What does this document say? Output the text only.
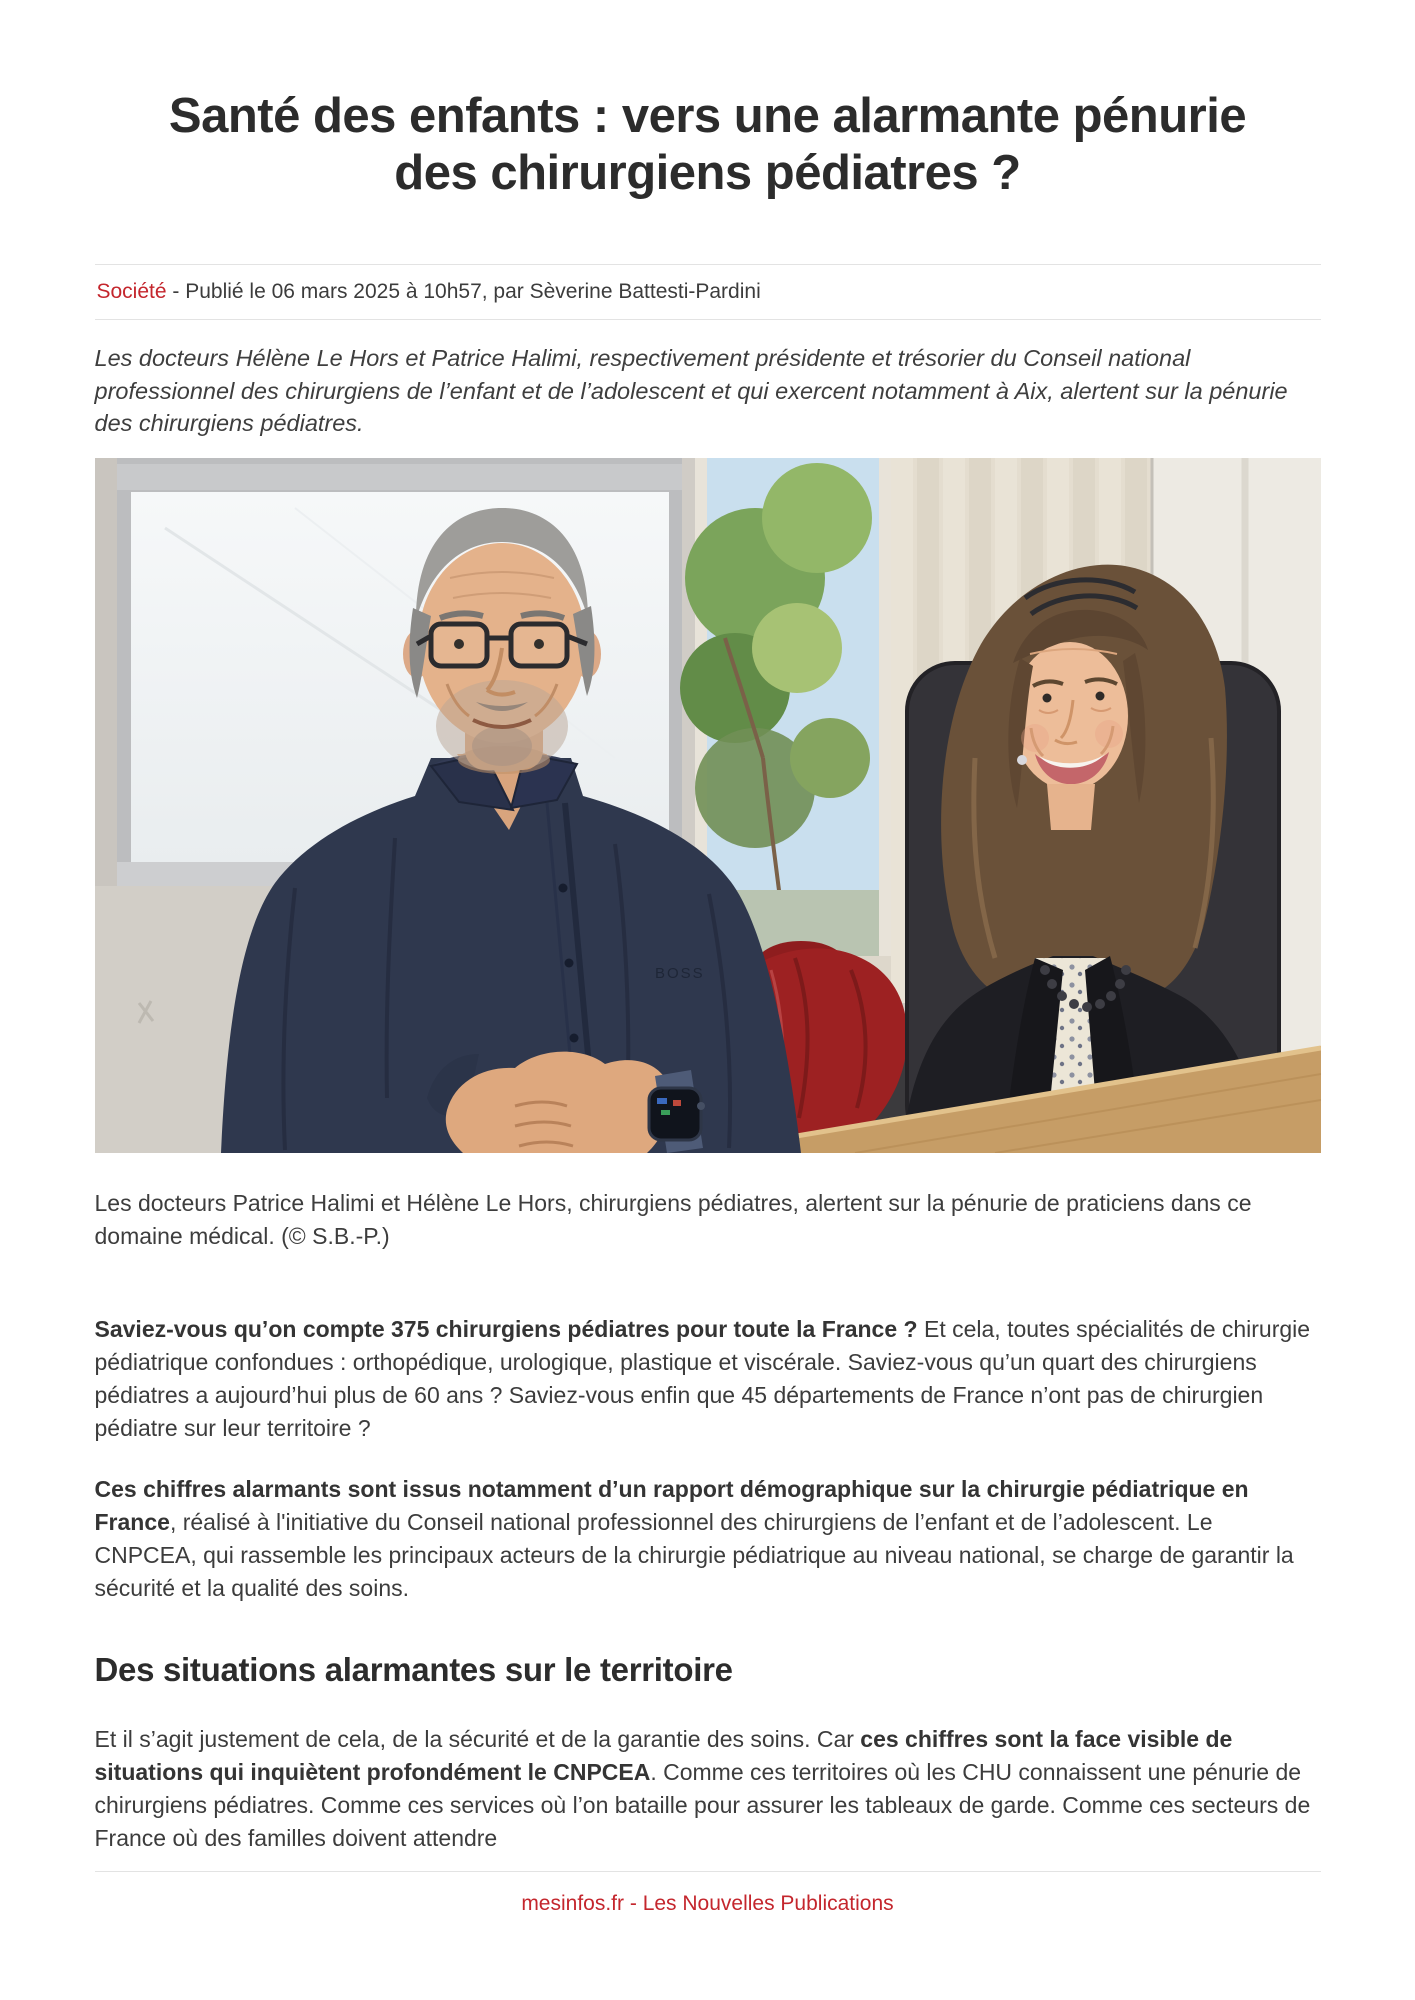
Santé des enfants : vers une alarmante pénurie des chirurgiens pédiatres ?
Société - Publié le 06 mars 2025 à 10h57, par Sèverine Battesti-Pardini

Les docteurs Hélène Le Hors et Patrice Halimi, respectivement présidente et trésorier du Conseil national professionnel des chirurgiens de l’enfant et de l’adolescent et qui exercent notamment à Aix, alertent sur la pénurie des chirurgiens pédiatres.

BOSS

Les docteurs Patrice Halimi et Hélène Le Hors, chirurgiens pédiatres, alertent sur la pénurie de praticiens dans ce domaine médical. (© S.B.-P.)

Saviez-vous qu’on compte 375 chirurgiens pédiatres pour toute la France ? Et cela, toutes spécialités de chirurgie pédiatrique confondues : orthopédique, urologique, plastique et viscérale. Saviez-vous qu’un quart des chirurgiens pédiatres a aujourd’hui plus de 60 ans ? Saviez-vous enfin que 45 départements de France n’ont pas de chirurgien pédiatre sur leur territoire ?

Ces chiffres alarmants sont issus notamment d’un rapport démographique sur la chirurgie pédiatrique en France, réalisé à l'initiative du Conseil national professionnel des chirurgiens de l’enfant et de l’adolescent. Le CNPCEA, qui rassemble les principaux acteurs de la chirurgie pédiatrique au niveau national, se charge de garantir la sécurité et la qualité des soins.

Des situations alarmantes sur le territoire

Et il s’agit justement de cela, de la sécurité et de la garantie des soins. Car ces chiffres sont la face visible de situations qui inquiètent profondément le CNPCEA. Comme ces territoires où les CHU connaissent une pénurie de chirurgiens pédiatres. Comme ces services où l’on bataille pour assurer les tableaux de garde. Comme ces secteurs de France où des familles doivent attendre

mesinfos.fr - Les Nouvelles Publications
